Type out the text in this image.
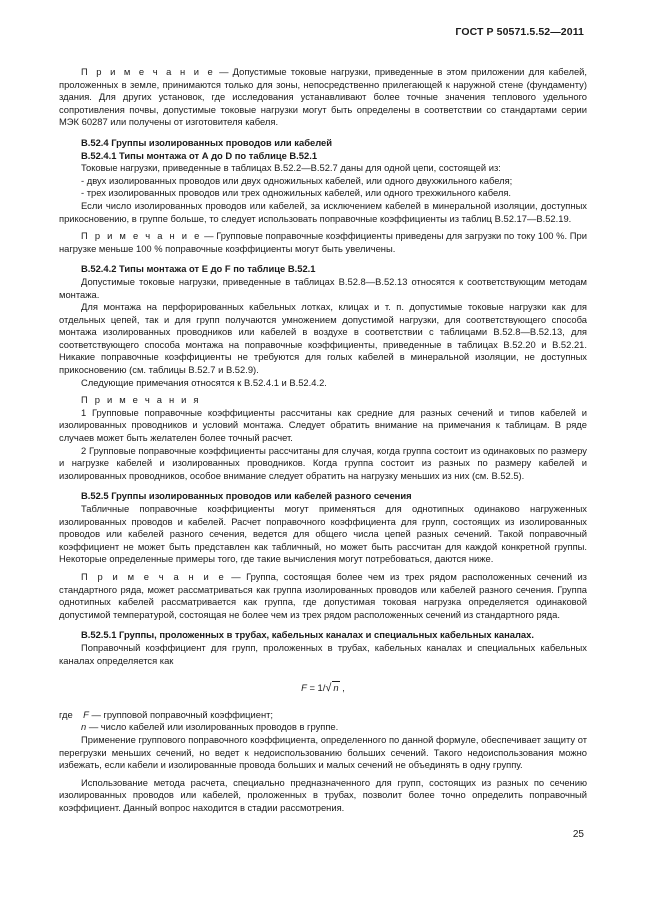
ГОСТ Р 50571.5.52—2011

П р и м е ч а н и е — Допустимые токовые нагрузки, приведенные в этом приложении для кабелей, проложенных в земле, принимаются только для зоны, непосредственно прилегающей к наружной стене (фундаменту) здания. Для других установок, где исследования устанавливают более точные значения теплового удельного сопротивления почвы, допустимые токовые нагрузки могут быть определены в соответствии со стандартами серии МЭК 60287 или получены от изготовителя кабеля.

В.52.4 Группы изолированных проводов или кабелей

В.52.4.1 Типы монтажа от А до D по таблице В.52.1

Токовые нагрузки, приведенные в таблицах В.52.2—В.52.7 даны для одной цепи, состоящей из:

- двух изолированных проводов или двух одножильных кабелей, или одного двухжильного кабеля;

- трех изолированных проводов или трех одножильных кабелей, или одного трехжильного кабеля.

Если число изолированных проводов или кабелей, за исключением кабелей в минеральной изоляции, доступных прикосновению, в группе больше, то следует использовать поправочные коэффициенты из таблиц В.52.17—В.52.19.

П р и м е ч а н и е — Групповые поправочные коэффициенты приведены для загрузки по току 100 %. При нагрузке меньше 100 % поправочные коэффициенты могут быть увеличены.

В.52.4.2 Типы монтажа от Е до F по таблице В.52.1

Допустимые токовые нагрузки, приведенные в таблицах В.52.8—В.52.13 относятся к соответствующим методам монтажа.

Для монтажа на перфорированных кабельных лотках, клицах и т. п. допустимые токовые нагрузки как для отдельных цепей, так и для групп получаются умножением допустимой нагрузки, для соответствующего способа монтажа изолированных проводников или кабелей в воздухе в соответствии с таблицами В.52.8—В.52.13, для соответствующего способа монтажа на поправочные коэффициенты, приведенные в таблицах В.52.20 и В.52.21. Никакие поправочные коэффициенты не требуются для голых кабелей в минеральной изоляции, не доступных прикосновению (см. таблицы В.52.7 и В.52.9).

Следующие примечания относятся к В.52.4.1 и В.52.4.2.

П р и м е ч а н и я

1 Групповые поправочные коэффициенты рассчитаны как средние для разных сечений и типов кабелей и изолированных проводников и условий монтажа. Следует обратить внимание на примечания к таблицам. В ряде случаев может быть желателен более точный расчет.

2 Групповые поправочные коэффициенты рассчитаны для случая, когда группа состоит из одинаковых по размеру и нагрузке кабелей и изолированных проводников. Когда группа состоит из разных по размеру кабелей и изолированных проводников, особое внимание следует обратить на нагрузку меньших из них (см. В.52.5).

В.52.5 Группы изолированных проводов или кабелей разного сечения

Табличные поправочные коэффициенты могут применяться для однотипных одинаково нагруженных изолированных проводов и кабелей. Расчет поправочного коэффициента для групп, состоящих из изолированных проводов или кабелей разного сечения, ведется для общего числа цепей разных сечений. Такой поправочный коэффициент не может быть представлен как табличный, но может быть рассчитан для каждой конкретной группы. Некоторые определенные примеры того, где такие вычисления могут потребоваться, даются ниже.

П р и м е ч а н и е — Группа, состоящая более чем из трех рядом расположенных сечений из стандартного ряда, может рассматриваться как группа изолированных проводов или кабелей разного сечения. Группа однотипных кабелей рассматривается как группа, где допустимая токовая нагрузка определяется одинаковой допустимой температурой, состоящая не более чем из трех рядом расположенных сечений из стандартного ряда.

В.52.5.1 Группы, проложенных в трубах, кабельных каналах и специальных кабельных каналах.

Поправочный коэффициент для групп, проложенных в трубах, кабельных каналах и специальных кабельных каналах определяется как

F = 1/√ n ,

где F — групповой поправочный коэффициент;

n — число кабелей или изолированных проводов в группе.

Применение группового поправочного коэффициента, определенного по данной формуле, обеспечивает защиту от перегрузки меньших сечений, но ведет к недоиспользованию больших сечений. Такого недоиспользования можно избежать, если кабели и изолированные провода больших и малых сечений не объединять в одну группу.

Использование метода расчета, специально предназначенного для групп, состоящих из разных по сечению изолированных проводов или кабелей, проложенных в трубах, позволит более точно определить поправочный коэффициент. Данный вопрос находится в стадии рассмотрения.

25
